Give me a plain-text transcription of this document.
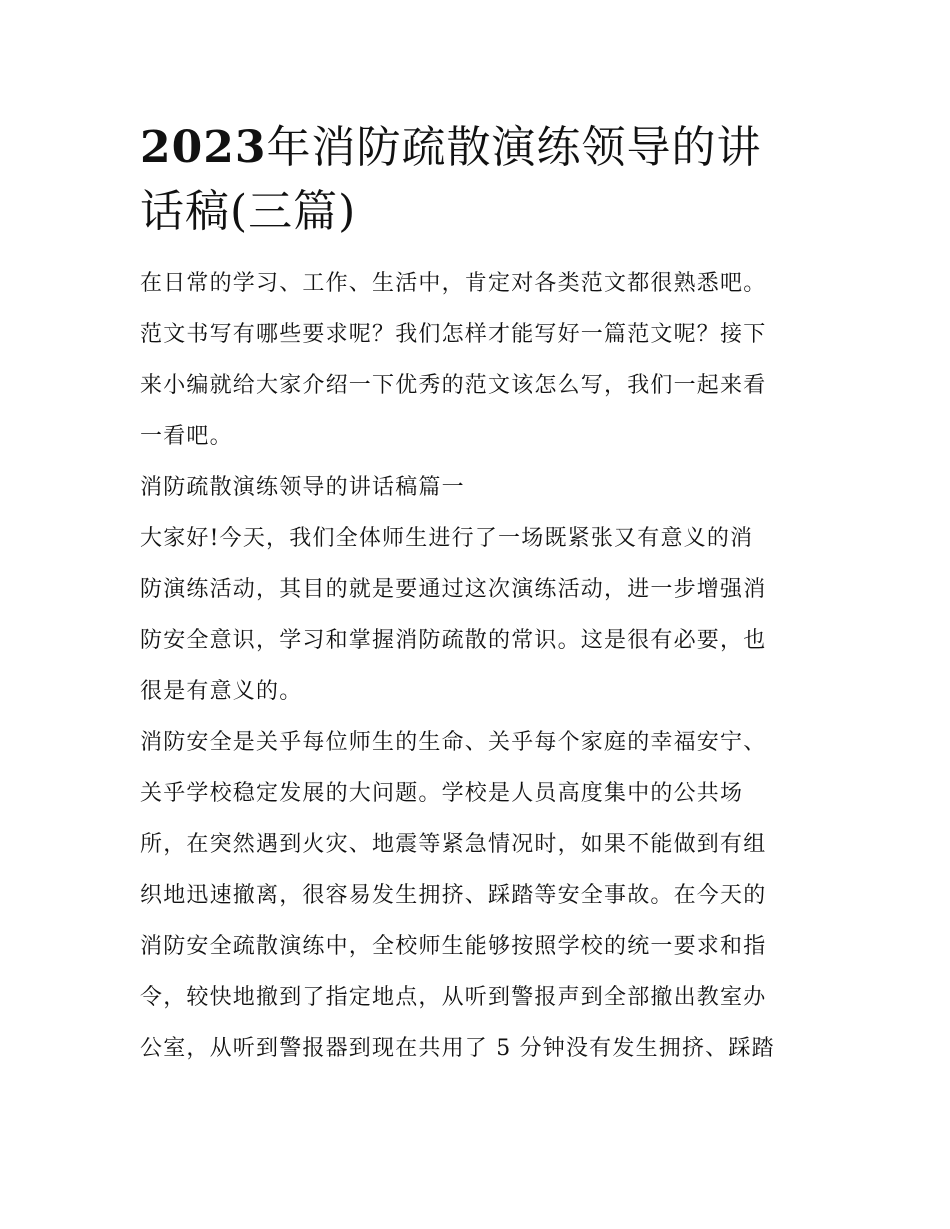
2023年消防疏散演练领导的讲
话稿(三篇)
在日常的学习、工作、生活中，肯定对各类范文都很熟悉吧。
范文书写有哪些要求呢？我们怎样才能写好一篇范文呢？接下
来小编就给大家介绍一下优秀的范文该怎么写，我们一起来看
一看吧。
消防疏散演练领导的讲话稿篇一
大家好!今天，我们全体师生进行了一场既紧张又有意义的消
防演练活动，其目的就是要通过这次演练活动，进一步增强消
防安全意识，学习和掌握消防疏散的常识。这是很有必要，也
很是有意义的。
消防安全是关乎每位师生的生命、关乎每个家庭的幸福安宁、
关乎学校稳定发展的大问题。学校是人员高度集中的公共场
所，在突然遇到火灾、地震等紧急情况时，如果不能做到有组
织地迅速撤离，很容易发生拥挤、踩踏等安全事故。在今天的
消防安全疏散演练中，全校师生能够按照学校的统一要求和指
令，较快地撤到了指定地点，从听到警报声到全部撤出教室办
公室，从听到警报器到现在共用了 5 分钟没有发生拥挤、踩踏
